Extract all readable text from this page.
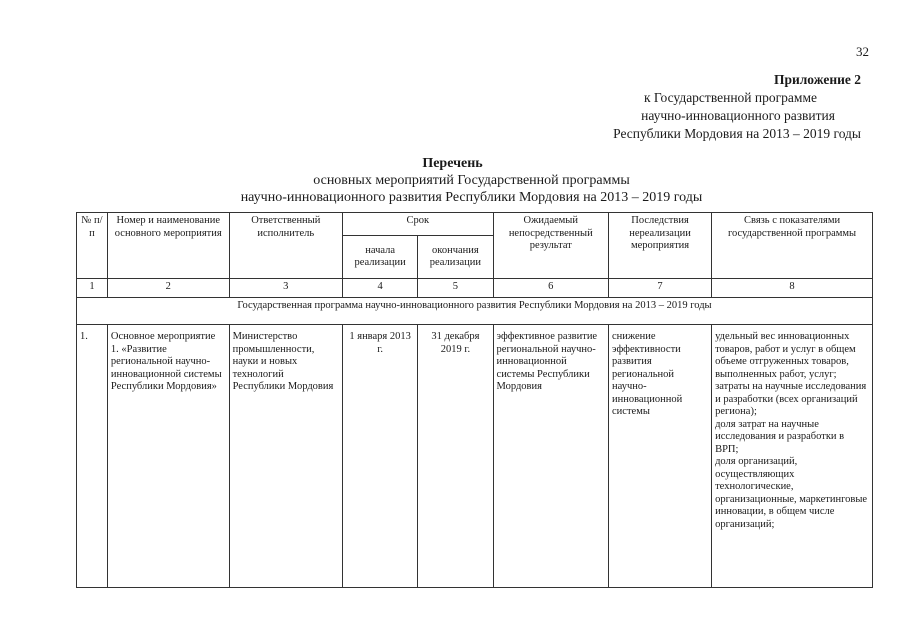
32
Приложение 2
к Государственной программе
научно-инновационного развития
Республики Мордовия на 2013 – 2019 годы
Перечень
основных мероприятий Государственной программы
научно-инновационного развития Республики Мордовия на 2013 – 2019 годы
№ п/п	Номер и наименование основного мероприятия	Ответственный исполнитель	Срок		Ожидаемый непосредственный результат	Последствия нереализации мероприятия	Связь с показателями государственной программы
			начала реализации	окончания реализации			
1	2	3	4	5	6	7	8
Государственная программа научно-инновационного развития Республики Мордовия на 2013 – 2019 годы							
1.	Основное мероприятие 1. «Развитие региональной научно-инновационной системы Республики Мордовия»	Министерство промышленности, науки и новых технологий Республики Мордовия	1 января 2013 г.	31 декабря 2019 г.	эффективное развитие региональной научно-инновационной системы Республики Мордовия	снижение эффективности развития региональной научно-инновационной системы	удельный вес инновационных товаров, работ и услуг в общем объеме отгруженных товаров, выполненных работ, услуг;
затраты на научные исследования и разработки (всех организаций региона);
доля затрат на научные исследования и разработки в ВРП;
доля организаций, осуществляющих технологические, организационные, маркетинговые инновации, в общем числе организаций;
